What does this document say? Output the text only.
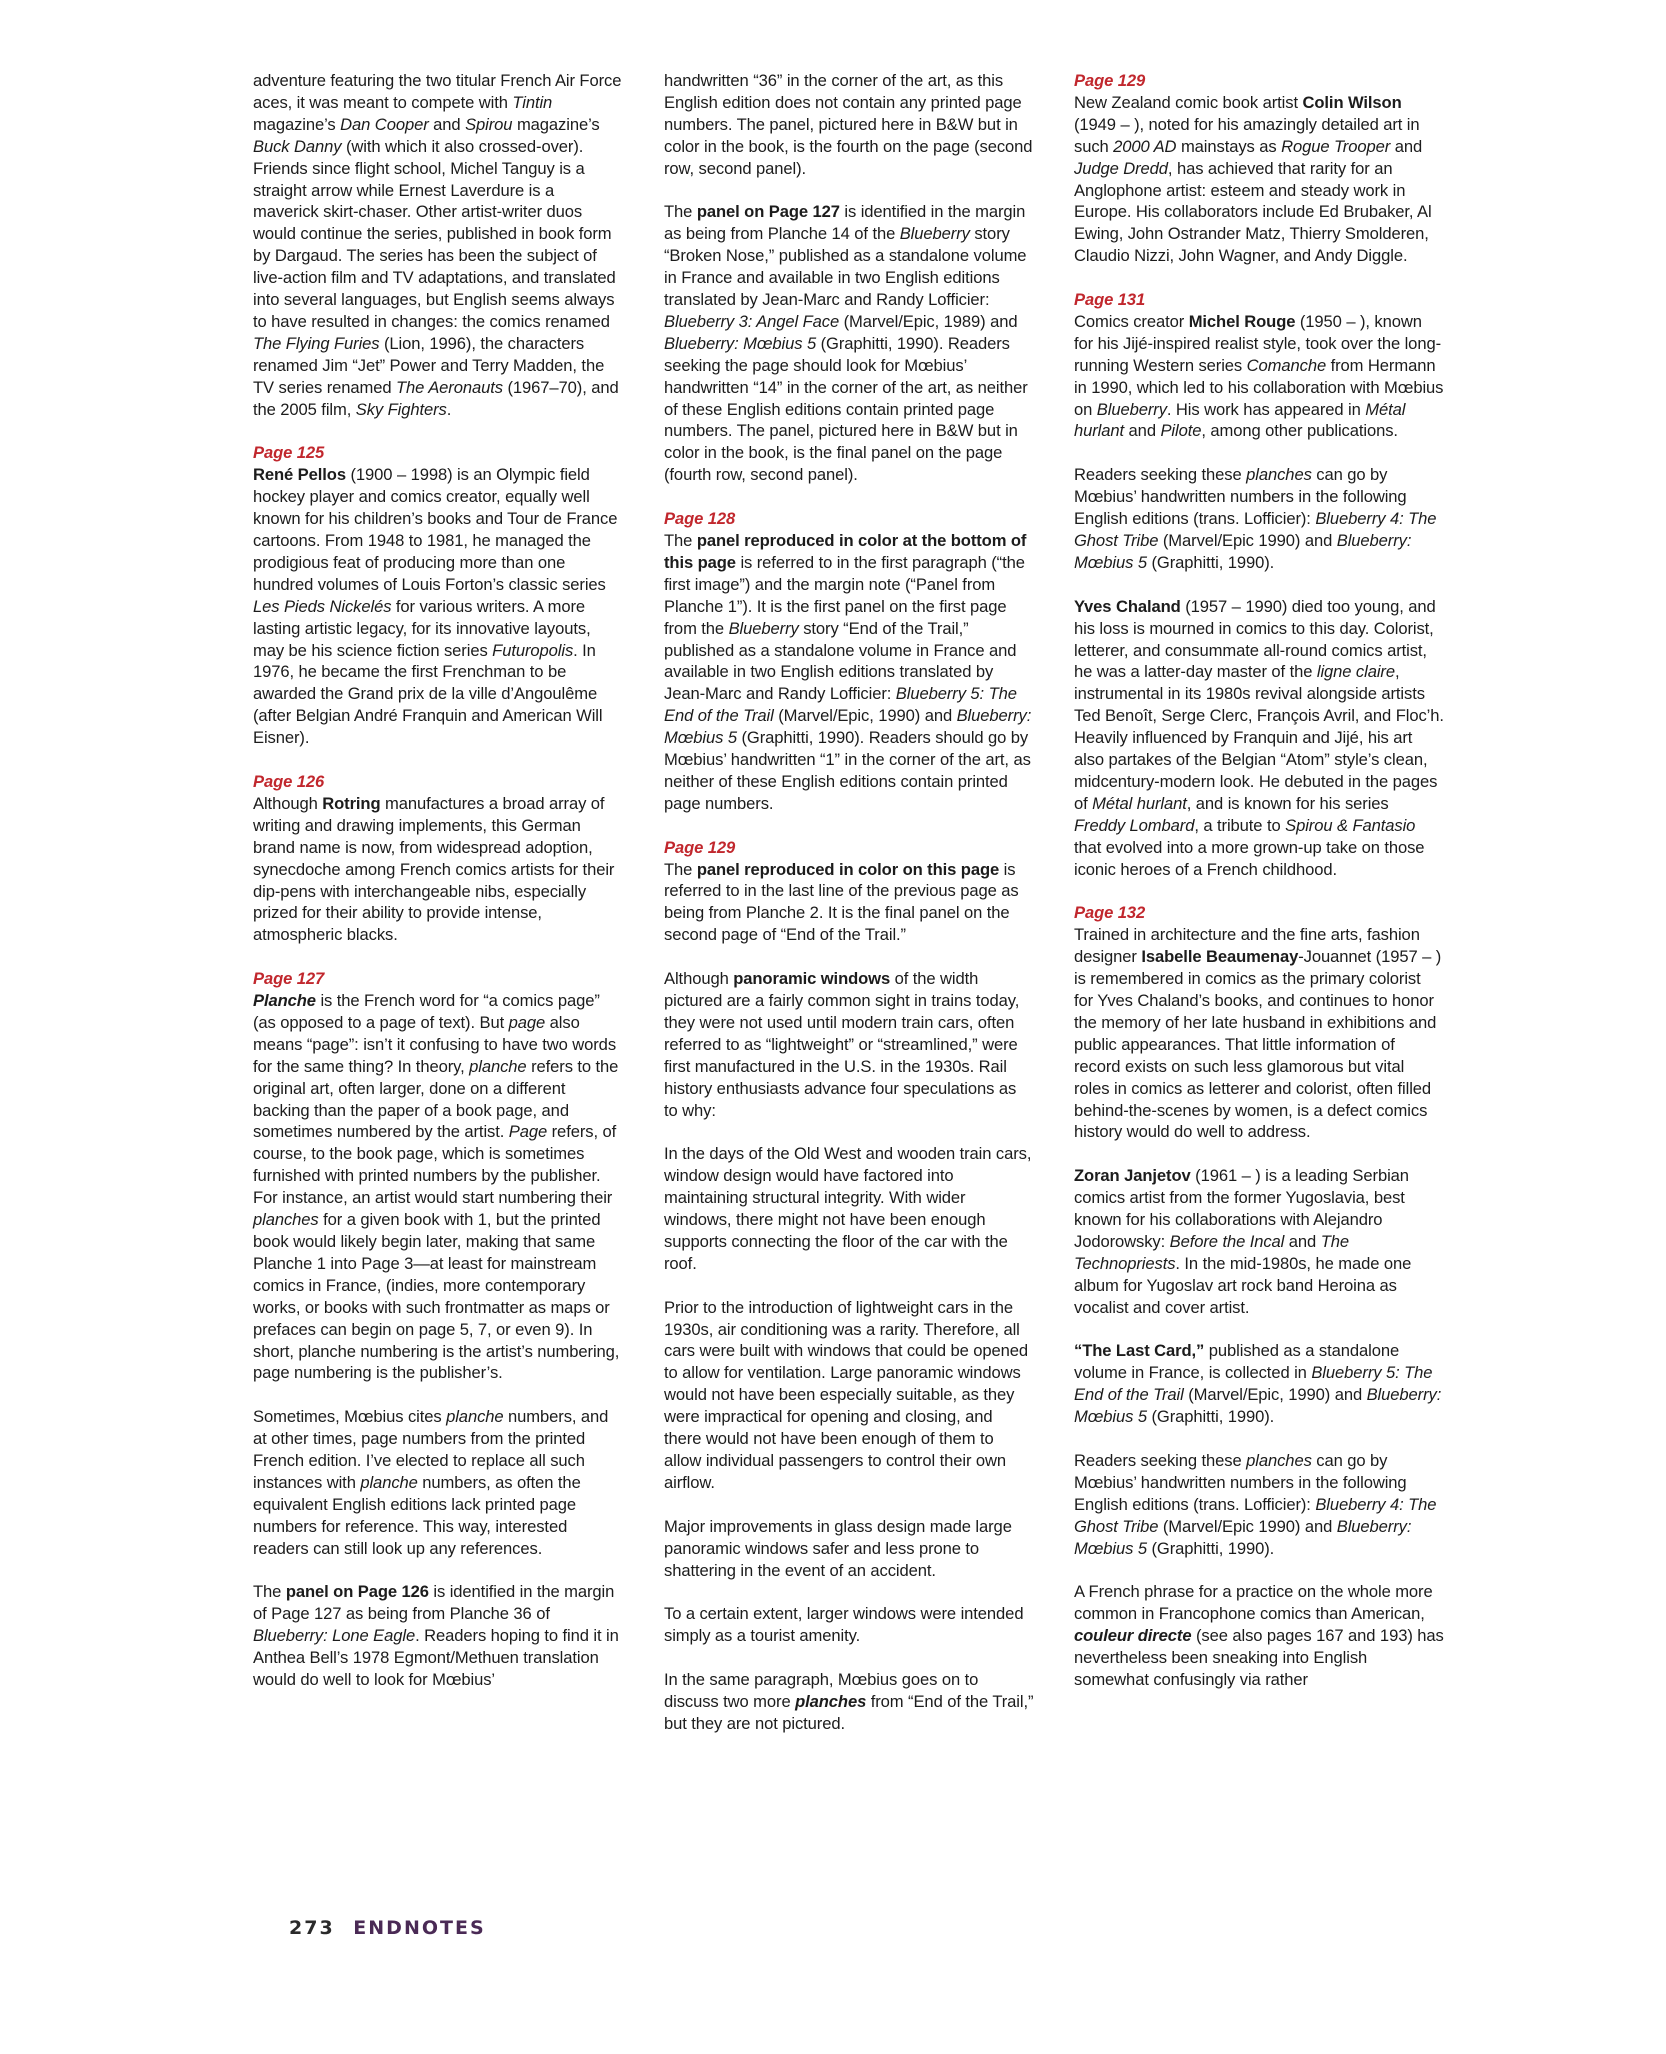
adventure featuring the two titular French Air Force aces, it was meant to compete with Tintin magazine’s Dan Cooper and Spirou magazine’s Buck Danny (with which it also crossed-over). Friends since flight school, Michel Tanguy is a straight arrow while Ernest Laverdure is a maverick skirt-chaser. Other artist-writer duos would continue the series, published in book form by Dargaud. The series has been the subject of live-action film and TV adaptations, and translated into several languages, but English seems always to have resulted in changes: the comics renamed The Flying Furies (Lion, 1996), the characters renamed Jim “Jet” Power and Terry Madden, the TV series renamed The Aeronauts (1967–70), and the 2005 film, Sky Fighters.

Page 125
René Pellos (1900 – 1998) is an Olympic field hockey player and comics creator, equally well known for his children’s books and Tour de France cartoons. From 1948 to 1981, he managed the prodigious feat of producing more than one hundred volumes of Louis Forton’s classic series Les Pieds Nickelés for various writers. A more lasting artistic legacy, for its innovative layouts, may be his science fiction series Futuropolis. In 1976, he became the first Frenchman to be awarded the Grand prix de la ville d’Angoulême (after Belgian André Franquin and American Will Eisner).

Page 126
Although Rotring manufactures a broad array of writing and drawing implements, this German brand name is now, from widespread adoption, synecdoche among French comics artists for their dip-pens with interchangeable nibs, especially prized for their ability to provide intense, atmospheric blacks.

Page 127
Planche is the French word for “a comics page” (as opposed to a page of text). But page also means “page”: isn’t it confusing to have two words for the same thing? In theory, planche refers to the original art, often larger, done on a different backing than the paper of a book page, and sometimes numbered by the artist. Page refers, of course, to the book page, which is sometimes furnished with printed numbers by the publisher. For instance, an artist would start numbering their planches for a given book with 1, but the printed book would likely begin later, making that same Planche 1 into Page 3—at least for mainstream comics in France, (indies, more contemporary works, or books with such frontmatter as maps or prefaces can begin on page 5, 7, or even 9). In short, planche numbering is the artist’s numbering, page numbering is the publisher’s.

Sometimes, Mœbius cites planche numbers, and at other times, page numbers from the printed French edition. I’ve elected to replace all such instances with planche numbers, as often the equivalent English editions lack printed page numbers for reference. This way, interested readers can still look up any references.

The panel on Page 126 is identified in the margin of Page 127 as being from Planche 36 of Blueberry: Lone Eagle. Readers hoping to find it in Anthea Bell’s 1978 Egmont/Methuen translation would do well to look for Mœbius’

handwritten “36” in the corner of the art, as this English edition does not contain any printed page numbers. The panel, pictured here in B&W but in color in the book, is the fourth on the page (second row, second panel).

The panel on Page 127 is identified in the margin as being from Planche 14 of the Blueberry story “Broken Nose,” published as a standalone volume in France and available in two English editions translated by Jean-Marc and Randy Lofficier: Blueberry 3: Angel Face (Marvel/Epic, 1989) and Blueberry: Mœbius 5 (Graphitti, 1990). Readers seeking the page should look for Mœbius’ handwritten “14” in the corner of the art, as neither of these English editions contain printed page numbers. The panel, pictured here in B&W but in color in the book, is the final panel on the page (fourth row, second panel).

Page 128
The panel reproduced in color at the bottom of this page is referred to in the first paragraph (“the first image”) and the margin note (“Panel from Planche 1”). It is the first panel on the first page from the Blueberry story “End of the Trail,” published as a standalone volume in France and available in two English editions translated by Jean-Marc and Randy Lofficier: Blueberry 5: The End of the Trail (Marvel/Epic, 1990) and Blueberry: Mœbius 5 (Graphitti, 1990). Readers should go by Mœbius’ handwritten “1” in the corner of the art, as neither of these English editions contain printed page numbers.

Page 129
The panel reproduced in color on this page is referred to in the last line of the previous page as being from Planche 2. It is the final panel on the second page of “End of the Trail.”

Although panoramic windows of the width pictured are a fairly common sight in trains today, they were not used until modern train cars, often referred to as “lightweight” or “streamlined,” were first manufactured in the U.S. in the 1930s. Rail history enthusiasts advance four speculations as to why:

In the days of the Old West and wooden train cars, window design would have factored into maintaining structural integrity. With wider windows, there might not have been enough supports connecting the floor of the car with the roof.

Prior to the introduction of lightweight cars in the 1930s, air conditioning was a rarity. Therefore, all cars were built with windows that could be opened to allow for ventilation. Large panoramic windows would not have been especially suitable, as they were impractical for opening and closing, and there would not have been enough of them to allow individual passengers to control their own airflow.

Major improvements in glass design made large panoramic windows safer and less prone to shattering in the event of an accident.

To a certain extent, larger windows were intended simply as a tourist amenity.

In the same paragraph, Mœbius goes on to discuss two more planches from “End of the Trail,” but they are not pictured.

Page 129
New Zealand comic book artist Colin Wilson (1949 – ), noted for his amazingly detailed art in such 2000 AD mainstays as Rogue Trooper and Judge Dredd, has achieved that rarity for an Anglophone artist: esteem and steady work in Europe. His collaborators include Ed Brubaker, Al Ewing, John Ostrander Matz, Thierry Smolderen, Claudio Nizzi, John Wagner, and Andy Diggle.

Page 131
Comics creator Michel Rouge (1950 – ), known for his Jijé-inspired realist style, took over the long-running Western series Comanche from Hermann in 1990, which led to his collaboration with Mœbius on Blueberry. His work has appeared in Métal hurlant and Pilote, among other publications.

Readers seeking these planches can go by Mœbius’ handwritten numbers in the following English editions (trans. Lofficier): Blueberry 4: The Ghost Tribe (Marvel/Epic 1990) and Blueberry: Mœbius 5 (Graphitti, 1990).

Yves Chaland (1957 – 1990) died too young, and his loss is mourned in comics to this day. Colorist, letterer, and consummate all-round comics artist, he was a latter-day master of the ligne claire, instrumental in its 1980s revival alongside artists Ted Benoît, Serge Clerc, François Avril, and Floc’h. Heavily influenced by Franquin and Jijé, his art also partakes of the Belgian “Atom” style’s clean, midcentury-modern look. He debuted in the pages of Métal hurlant, and is known for his series Freddy Lombard, a tribute to Spirou & Fantasio that evolved into a more grown-up take on those iconic heroes of a French childhood.

Page 132
Trained in architecture and the fine arts, fashion designer Isabelle Beaumenay-Jouannet (1957 – ) is remembered in comics as the primary colorist for Yves Chaland’s books, and continues to honor the memory of her late husband in exhibitions and public appearances. That little information of record exists on such less glamorous but vital roles in comics as letterer and colorist, often filled behind-the-scenes by women, is a defect comics history would do well to address.

Zoran Janjetov (1961 – ) is a leading Serbian comics artist from the former Yugoslavia, best known for his collaborations with Alejandro Jodorowsky: Before the Incal and The Technopriests. In the mid-1980s, he made one album for Yugoslav art rock band Heroina as vocalist and cover artist.

“The Last Card,” published as a standalone volume in France, is collected in Blueberry 5: The End of the Trail (Marvel/Epic, 1990) and Blueberry: Mœbius 5 (Graphitti, 1990).

Readers seeking these planches can go by Mœbius’ handwritten numbers in the following English editions (trans. Lofficier): Blueberry 4: The Ghost Tribe (Marvel/Epic 1990) and Blueberry: Mœbius 5 (Graphitti, 1990).

A French phrase for a practice on the whole more common in Francophone comics than American, couleur directe (see also pages 167 and 193) has nevertheless been sneaking into English somewhat confusingly via rather

273 ENDNOTES
